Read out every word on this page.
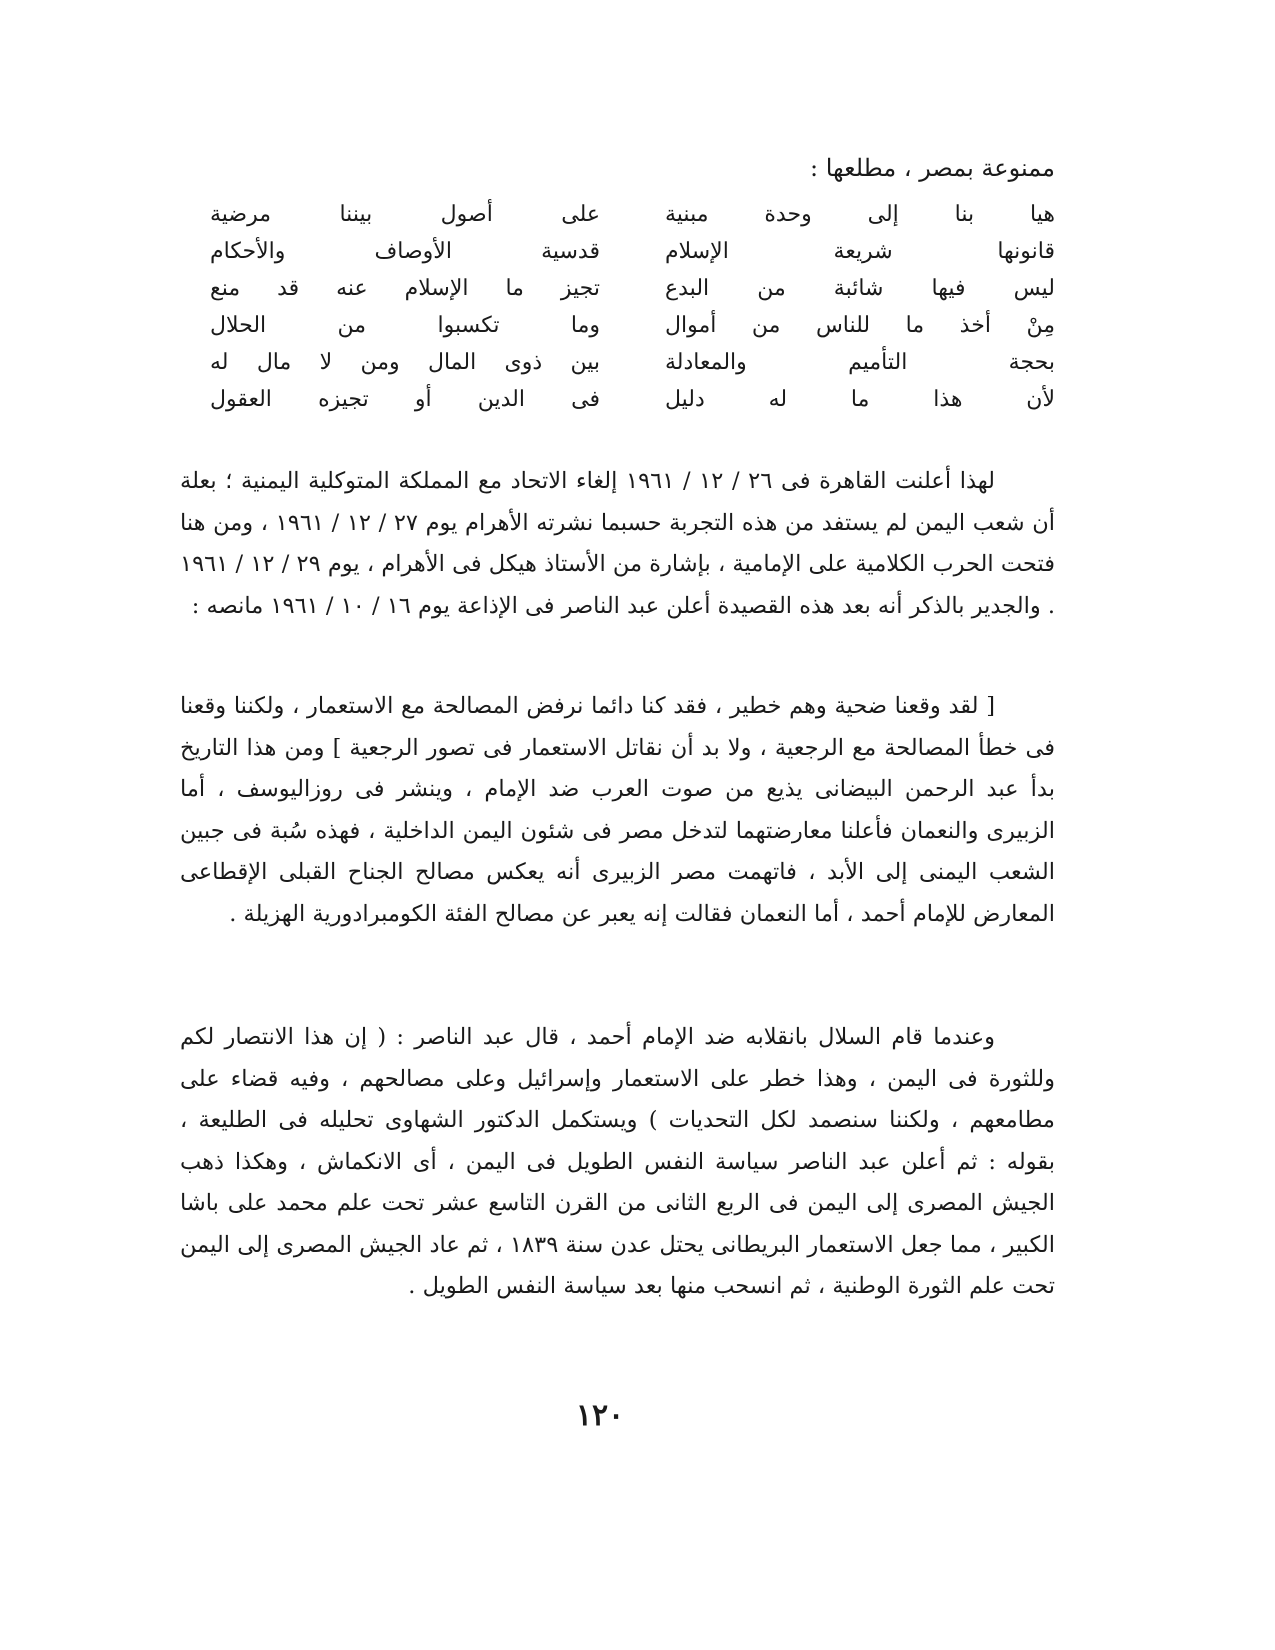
ممنوعة بمصر ، مطلعها :
هيا بنا إلى وحدة مبنية
على أصول بيننا مرضية
قانونها شريعة الإسلام
قدسية الأوصاف والأحكام
ليس فيها شائبة من البدع
تجيز ما الإسلام عنه قد منع
مِنْ أخذ ما للناس من أموال
وما تكسبوا من الحلال
بحجة التأميم والمعادلة
بين ذوى المال ومن لا مال له
لأن هذا ما له دليل
فى الدين أو تجيزه العقول

لهذا أعلنت القاهرة فى ٢٦ / ١٢ / ١٩٦١ إلغاء الاتحاد مع المملكة المتوكلية اليمنية ؛ بعلة أن شعب اليمن لم يستفد من هذه التجربة حسبما نشرته الأهرام يوم ٢٧ / ١٢ / ١٩٦١ ، ومن هنا فتحت الحرب الكلامية على الإمامية ، بإشارة من الأستاذ هيكل فى الأهرام ، يوم ٢٩ / ١٢ / ١٩٦١ . والجدير بالذكر أنه بعد هذه القصيدة أعلن عبد الناصر فى الإذاعة يوم ١٦ / ١٠ / ١٩٦١ مانصه :

[ لقد وقعنا ضحية وهم خطير ، فقد كنا دائما نرفض المصالحة مع الاستعمار ، ولكننا وقعنا فى خطأ المصالحة مع الرجعية ، ولا بد أن نقاتل الاستعمار فى تصور الرجعية ] ومن هذا التاريخ بدأ عبد الرحمن البيضانى يذيع من صوت العرب ضد الإمام ، وينشر فى روزاليوسف ، أما الزبيرى والنعمان فأعلنا معارضتهما لتدخل مصر فى شئون اليمن الداخلية ، فهذه سُبة فى جبين الشعب اليمنى إلى الأبد ، فاتهمت مصر الزبيرى أنه يعكس مصالح الجناح القبلى الإقطاعى المعارض للإمام أحمد ، أما النعمان فقالت إنه يعبر عن مصالح الفئة الكومبرادورية الهزيلة .

وعندما قام السلال بانقلابه ضد الإمام أحمد ، قال عبد الناصر : ( إن هذا الانتصار لكم وللثورة فى اليمن ، وهذا خطر على الاستعمار وإسرائيل وعلى مصالحهم ، وفيه قضاء على مطامعهم ، ولكننا سنصمد لكل التحديات ) ويستكمل الدكتور الشهاوى تحليله فى الطليعة ، بقوله : ثم أعلن عبد الناصر سياسة النفس الطويل فى اليمن ، أى الانكماش ، وهكذا ذهب الجيش المصرى إلى اليمن فى الربع الثانى من القرن التاسع عشر تحت علم محمد على باشا الكبير ، مما جعل الاستعمار البريطانى يحتل عدن سنة ١٨٣٩ ، ثم عاد الجيش المصرى إلى اليمن تحت علم الثورة الوطنية ، ثم انسحب منها بعد سياسة النفس الطويل .

١٢٠
